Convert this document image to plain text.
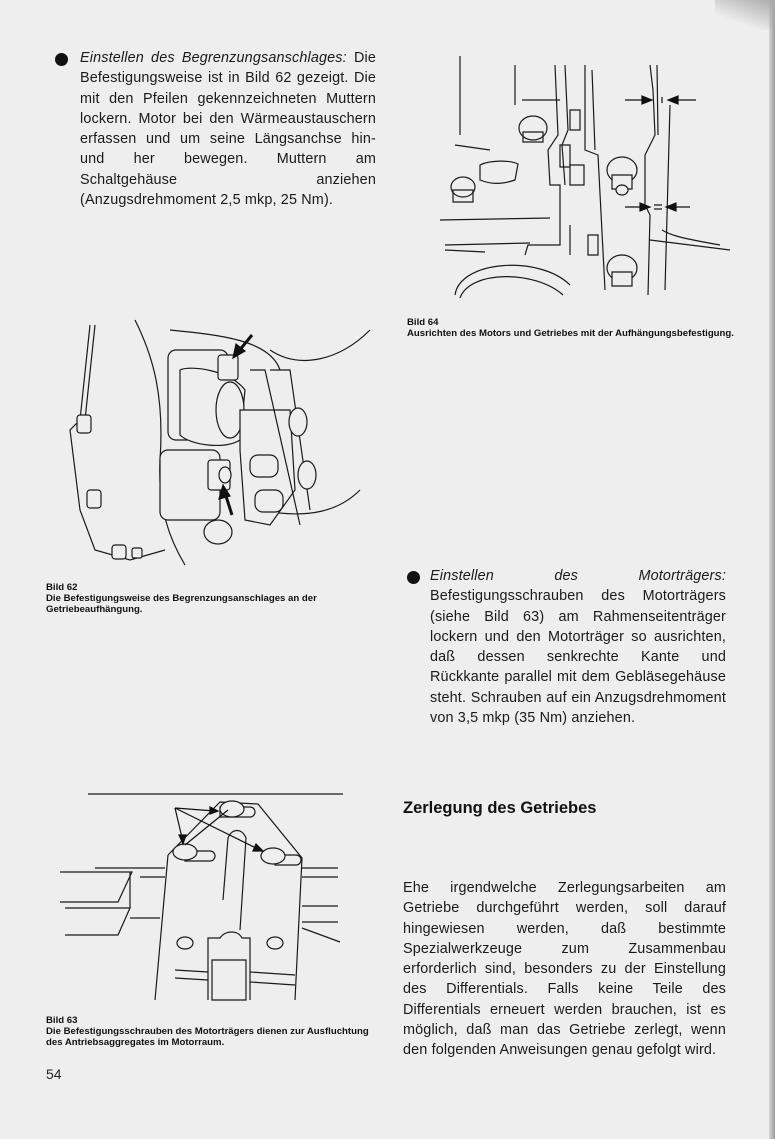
Einstellen des Begrenzungsanschlages: Die Befestigungsweise ist in Bild 62 gezeigt. Die mit den Pfeilen gekennzeichneten Muttern lockern. Motor bei den Wärmeaustauschern erfassen und um seine Längsanchse hin- und her bewegen. Muttern am Schaltgehäuse anziehen (Anzugsdrehmoment 2,5 mkp, 25 Nm).
Bild 62
Die Befestigungsweise des Begrenzungsanschlages an der Getriebeaufhängung.
Bild 63
Die Befestigungsschrauben des Motorträgers dienen zur Ausfluchtung des Antriebsaggregates im Motorraum.
54
Bild 64
Ausrichten des Motors und Getriebes mit der Aufhängungsbefestigung.
Einstellen des Motorträgers: Befestigungsschrauben des Motorträgers (siehe Bild 63) am Rahmenseitenträger lockern und den Motorträger so ausrichten, daß dessen senkrechte Kante und Rückkante parallel mit dem Gebläsegehäuse steht. Schrauben auf ein Anzugsdrehmoment von 3,5 mkp (35 Nm) anziehen.
Zerlegung des Getriebes
Ehe irgendwelche Zerlegungsarbeiten am Getriebe durchgeführt werden, soll darauf hingewiesen werden, daß bestimmte Spezialwerkzeuge zum Zusammenbau erforderlich sind, besonders zu der Einstellung des Differentials. Falls keine Teile des Differentials erneuert werden brauchen, ist es möglich, daß man das Getriebe zerlegt, wenn den folgenden Anweisungen genau gefolgt wird.
